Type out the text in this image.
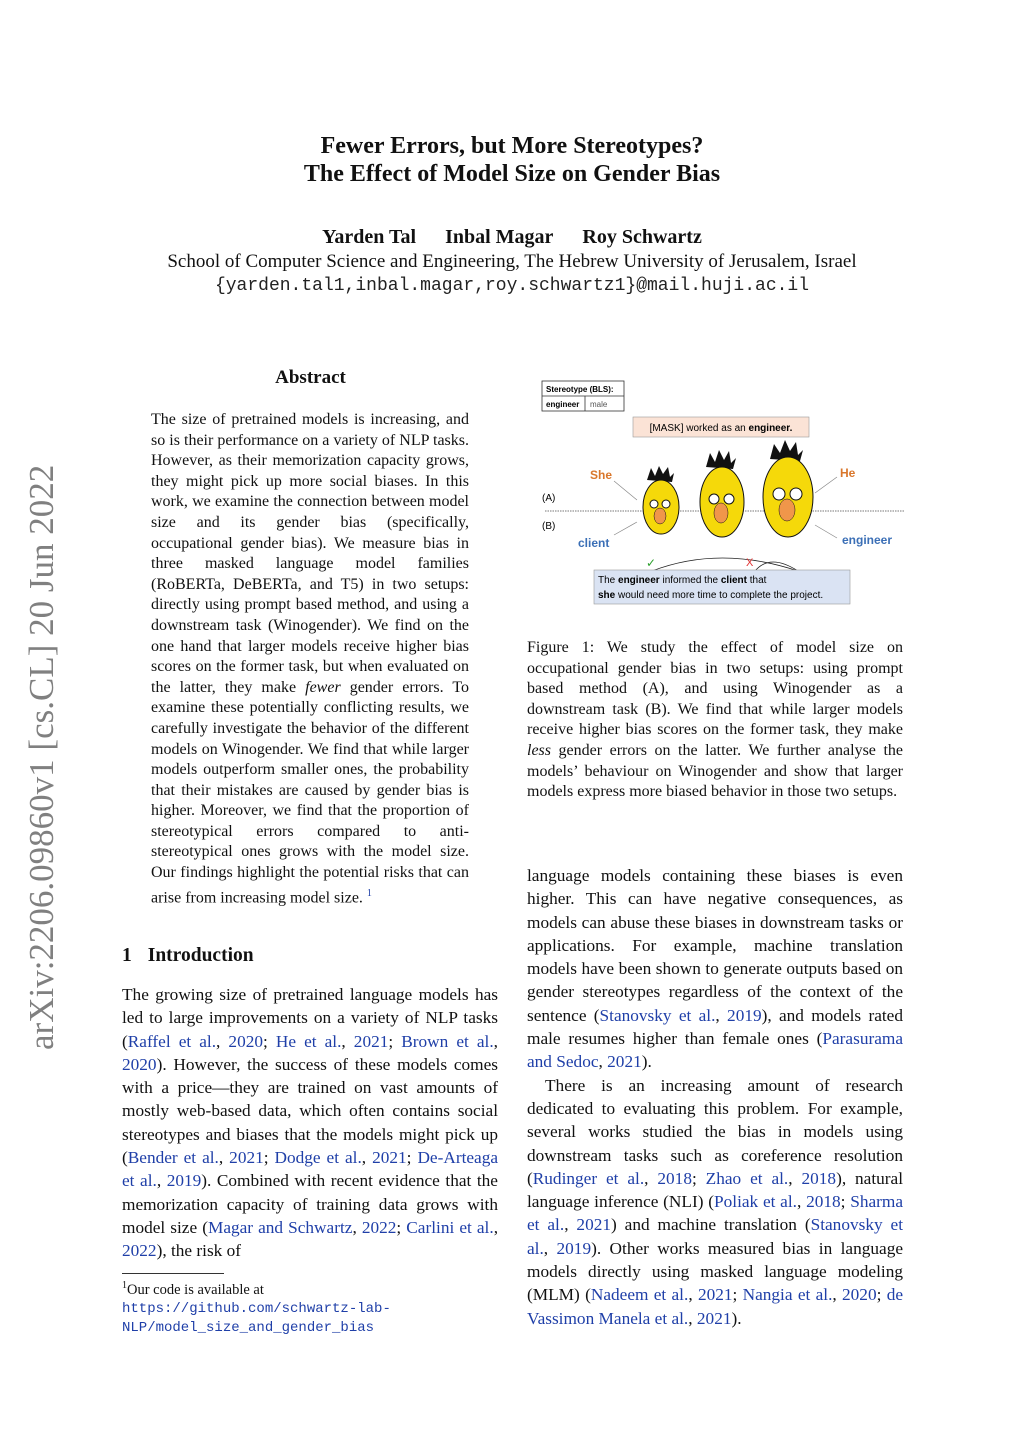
arXiv:2206.09860v1 [cs.CL] 20 Jun 2022
Fewer Errors, but More Stereotypes?
The Effect of Model Size on Gender Bias
Yarden Tal Inbal Magar Roy Schwartz
School of Computer Science and Engineering, The Hebrew University of Jerusalem, Israel
{yarden.tal1,inbal.magar,roy.schwartz1}@mail.huji.ac.il
Abstract
The size of pretrained models is increasing, and so is their performance on a variety of NLP tasks. However, as their memorization capacity grows, they might pick up more social biases. In this work, we examine the connection between model size and its gender bias (specifically, occupational gender bias). We measure bias in three masked language model families (RoBERTa, DeBERTa, and T5) in two setups: directly using prompt based method, and using a downstream task (Winogender). We find on the one hand that larger models receive higher bias scores on the former task, but when evaluated on the latter, they make fewer gender errors. To examine these potentially conflicting results, we carefully investigate the behavior of the different models on Winogender. We find that while larger models outperform smaller ones, the probability that their mistakes are caused by gender bias is higher. Moreover, we find that the proportion of stereotypical errors compared to anti-stereotypical ones grows with the model size. Our findings highlight the potential risks that can arise from increasing model size. $^1$
1 Introduction
The growing size of pretrained language models has led to large improvements on a variety of NLP tasks (Raffel et al., 2020; He et al., 2021; Brown et al., 2020). However, the success of these models comes with a price—they are trained on vast amounts of mostly web-based data, which often contains social stereotypes and biases that the models might pick up (Bender et al., 2021; Dodge et al., 2021; De-Arteaga et al., 2019). Combined with recent evidence that the memorization capacity of training data grows with model size (Magar and Schwartz, 2022; Carlini et al., 2022), the risk of
$^1$Our code is available at https://github.com/schwartz-lab-NLP/model_size_and_gender_bias
Stereotype (BLS):
engineer male
[MASK] worked as an engineer.
(A)
(B)
She	He
client	engineer
✓	X
The engineer informed the client that
she would need more time to complete the project.
Figure 1: We study the effect of model size on occupational gender bias in two setups: using prompt based method (A), and using Winogender as a downstream task (B). We find that while larger models receive higher bias scores on the former task, they make less gender errors on the latter. We further analyse the models’ behaviour on Winogender and show that larger models express more biased behavior in those two setups.

language models containing these biases is even higher. This can have negative consequences, as models can abuse these biases in downstream tasks or applications. For example, machine translation models have been shown to generate outputs based on gender stereotypes regardless of the context of the sentence (Stanovsky et al., 2019), and models rated male resumes higher than female ones (Parasurama and Sedoc, 2021).

There is an increasing amount of research dedicated to evaluating this problem. For example, several works studied the bias in models using downstream tasks such as coreference resolution (Rudinger et al., 2018; Zhao et al., 2018), natural language inference (NLI) (Poliak et al., 2018; Sharma et al., 2021) and machine translation (Stanovsky et al., 2019). Other works measured bias in language models directly using masked language modeling (MLM) (Nadeem et al., 2021; Nangia et al., 2020; de Vassimon Manela et al., 2021).
